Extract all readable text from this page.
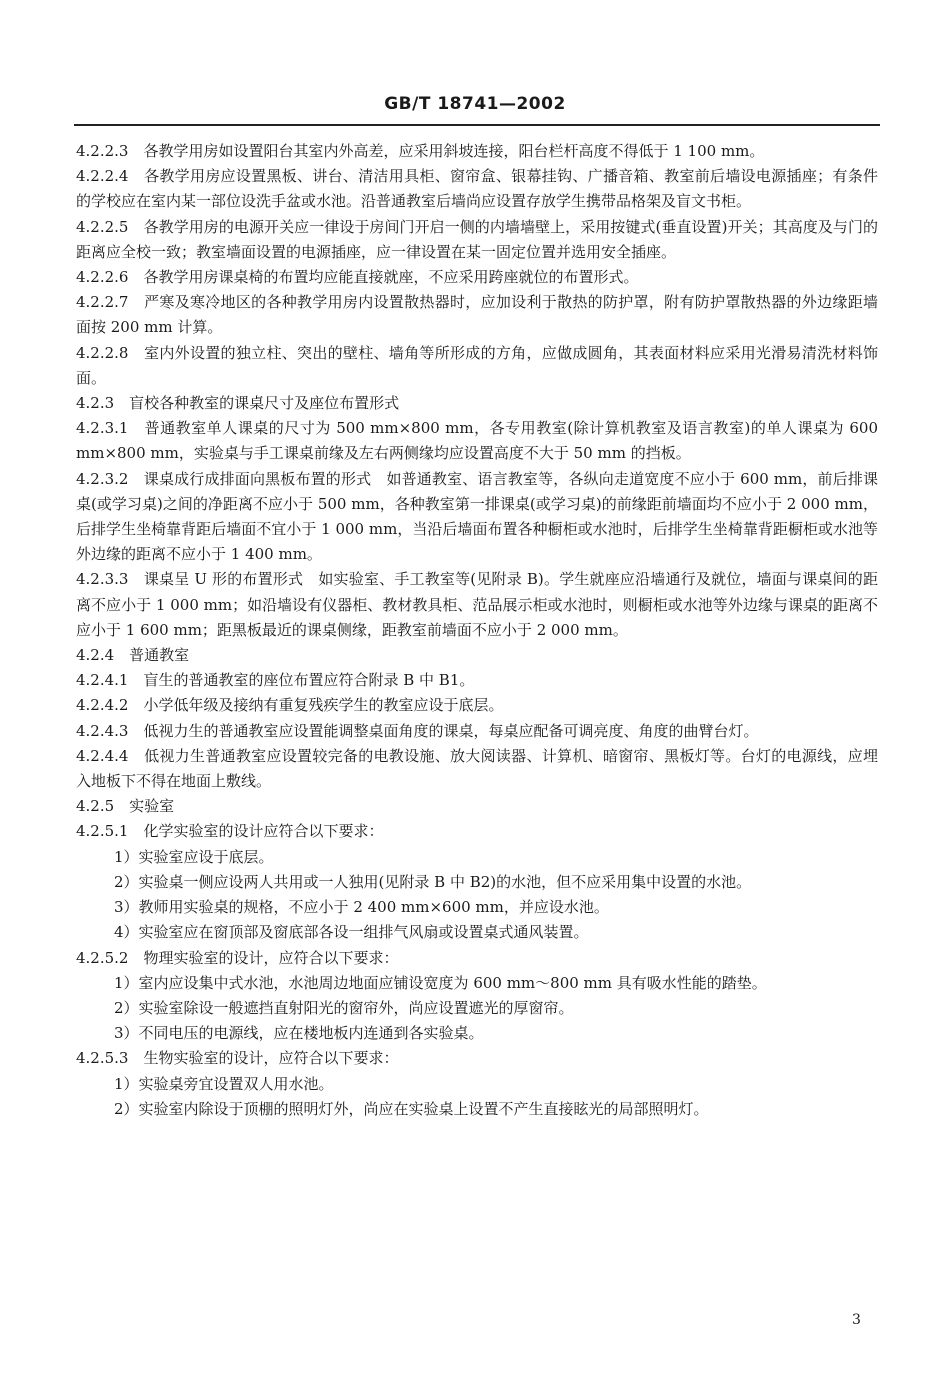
GB/T 18741—2002

4.2.2.3　各教学用房如设置阳台其室内外高差，应采用斜坡连接，阳台栏杆高度不得低于 1 100 mm。

4.2.2.4　各教学用房应设置黑板、讲台、清洁用具柜、窗帘盒、银幕挂钩、广播音箱、教室前后墙设电源插座；有条件的学校应在室内某一部位设洗手盆或水池。沿普通教室后墙尚应设置存放学生携带品格架及盲文书柜。

4.2.2.5　各教学用房的电源开关应一律设于房间门开启一侧的内墙墙壁上，采用按键式(垂直设置)开关；其高度及与门的距离应全校一致；教室墙面设置的电源插座，应一律设置在某一固定位置并选用安全插座。

4.2.2.6　各教学用房课桌椅的布置均应能直接就座，不应采用跨座就位的布置形式。

4.2.2.7　严寒及寒冷地区的各种教学用房内设置散热器时，应加设利于散热的防护罩，附有防护罩散热器的外边缘距墙面按 200 mm 计算。

4.2.2.8　室内外设置的独立柱、突出的壁柱、墙角等所形成的方角，应做成圆角，其表面材料应采用光滑易清洗材料饰面。

4.2.3　盲校各种教室的课桌尺寸及座位布置形式

4.2.3.1　普通教室单人课桌的尺寸为 500 mm×800 mm，各专用教室(除计算机教室及语言教室)的单人课桌为 600 mm×800 mm，实验桌与手工课桌前缘及左右两侧缘均应设置高度不大于 50 mm 的挡板。

4.2.3.2　课桌成行成排面向黑板布置的形式　如普通教室、语言教室等，各纵向走道宽度不应小于 600 mm，前后排课桌(或学习桌)之间的净距离不应小于 500 mm，各种教室第一排课桌(或学习桌)的前缘距前墙面均不应小于 2 000 mm，后排学生坐椅靠背距后墙面不宜小于 1 000 mm，当沿后墙面布置各种橱柜或水池时，后排学生坐椅靠背距橱柜或水池等外边缘的距离不应小于 1 400 mm。

4.2.3.3　课桌呈 U 形的布置形式　如实验室、手工教室等(见附录 B)。学生就座应沿墙通行及就位，墙面与课桌间的距离不应小于 1 000 mm；如沿墙设有仪器柜、教材教具柜、范品展示柜或水池时，则橱柜或水池等外边缘与课桌的距离不应小于 1 600 mm；距黑板最近的课桌侧缘，距教室前墙面不应小于 2 000 mm。

4.2.4　普通教室

4.2.4.1　盲生的普通教室的座位布置应符合附录 B 中 B1。

4.2.4.2　小学低年级及接纳有重复残疾学生的教室应设于底层。

4.2.4.3　低视力生的普通教室应设置能调整桌面角度的课桌，每桌应配备可调亮度、角度的曲臂台灯。

4.2.4.4　低视力生普通教室应设置较完备的电教设施、放大阅读器、计算机、暗窗帘、黑板灯等。台灯的电源线，应埋入地板下不得在地面上敷线。

4.2.5　实验室

4.2.5.1　化学实验室的设计应符合以下要求：

1）实验室应设于底层。

2）实验桌一侧应设两人共用或一人独用(见附录 B 中 B2)的水池，但不应采用集中设置的水池。

3）教师用实验桌的规格，不应小于 2 400 mm×600 mm，并应设水池。

4）实验室应在窗顶部及窗底部各设一组排气风扇或设置桌式通风装置。

4.2.5.2　物理实验室的设计，应符合以下要求：

1）室内应设集中式水池，水池周边地面应铺设宽度为 600 mm～800 mm 具有吸水性能的踏垫。

2）实验室除设一般遮挡直射阳光的窗帘外，尚应设置遮光的厚窗帘。

3）不同电压的电源线，应在楼地板内连通到各实验桌。

4.2.5.3　生物实验室的设计，应符合以下要求：

1）实验桌旁宜设置双人用水池。

2）实验室内除设于顶棚的照明灯外，尚应在实验桌上设置不产生直接眩光的局部照明灯。

3
